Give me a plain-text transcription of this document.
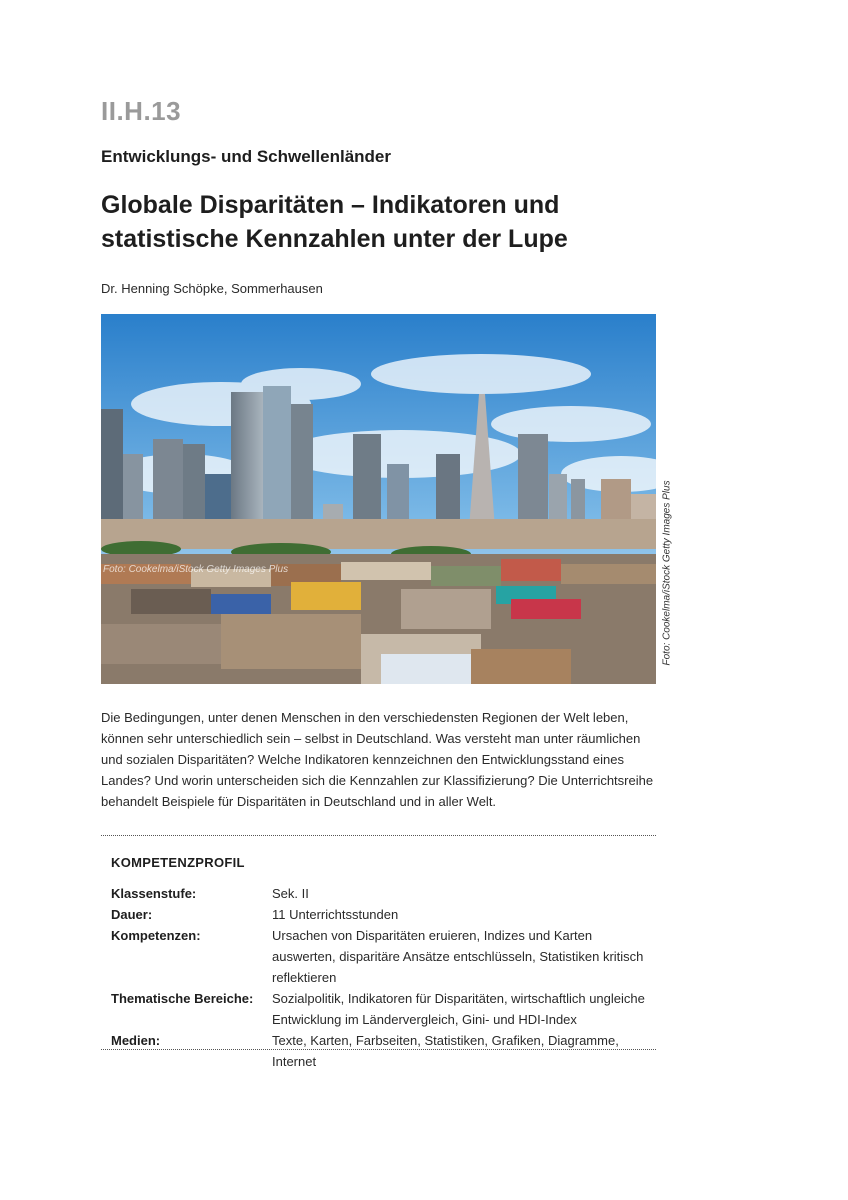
II.H.13
Entwicklungs- und Schwellenländer
Globale Disparitäten – Indikatoren und statistische Kennzahlen unter der Lupe
Dr. Henning Schöpke, Sommerhausen
Foto: Cookelma/iStock Getty Images Plus	Foto: Cookelma/iStock Getty Images Plus
Die Bedingungen, unter denen Menschen in den verschiedensten Regionen der Welt leben, können sehr unterschiedlich sein – selbst in Deutschland. Was versteht man unter räumlichen und sozialen Disparitäten? Welche Indikatoren kennzeichnen den Entwicklungsstand eines Landes? Und worin unterscheiden sich die Kennzahlen zur Klassifizierung? Die Unterrichtsreihe behandelt Beispiele für Disparitäten in Deutschland und in aller Welt.
KOMPETENZPROFIL
Klassenstufe:	Sek. II
Dauer:	11 Unterrichtsstunden
Kompetenzen:	Ursachen von Disparitäten eruieren, Indizes und Karten auswerten, disparitäre Ansätze entschlüsseln, Statistiken kritisch reflektieren
Thematische Bereiche:	Sozialpolitik, Indikatoren für Disparitäten, wirtschaftlich ungleiche Entwicklung im Ländervergleich, Gini- und HDI-Index
Medien:	Texte, Karten, Farbseiten, Statistiken, Grafiken, Diagramme, Internet
